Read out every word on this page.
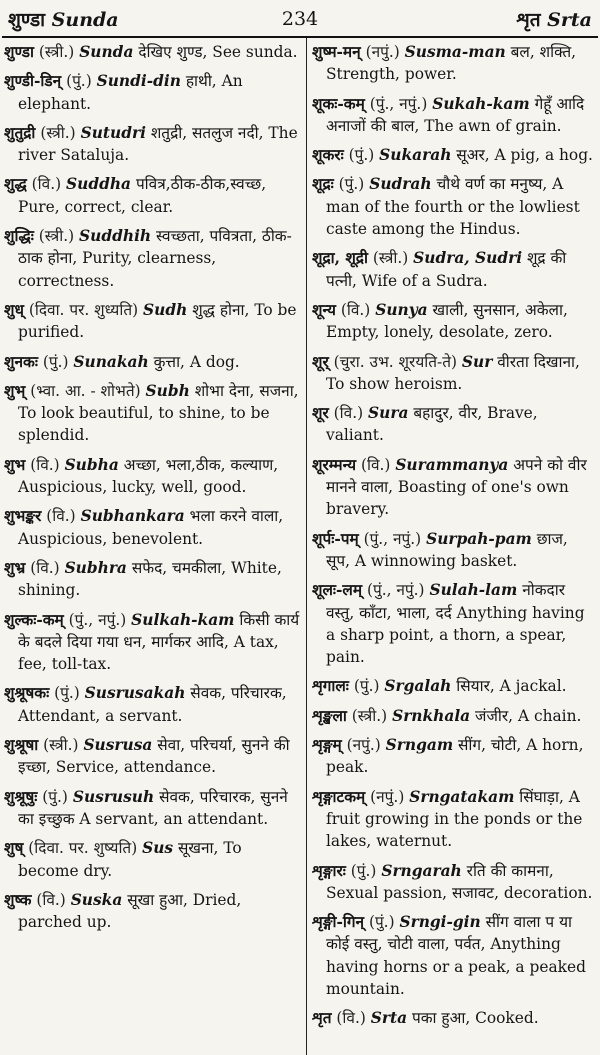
शुण्डा Sunda	234	शृत Srta

शुण्डा (स्त्री.) Sunda देखिए शुण्ड, See sunda.

शुण्डी-डिन् (पुं.) Sundi-din हाथी, An elephant.

शुतुद्री (स्त्री.) Sutudri शतुद्री, सतलुज नदी, The river Sataluja.

शुद्ध (वि.) Suddha पवित्र,ठीक-ठीक,स्वच्छ, Pure, correct, clear.

शुद्धिः (स्त्री.) Suddhih स्वच्छता, पवित्रता, ठीक-ठाक होना, Purity, clearness, correctness.

शुध् (दिवा. पर. शुध्यति) Sudh शुद्ध होना, To be purified.

शुनकः (पुं.) Sunakah कुत्ता, A dog.

शुभ् (भ्वा. आ. - शोभते) Subh शोभा देना, सजना, To look beautiful, to shine, to be splendid.

शुभ (वि.) Subha अच्छा, भला,ठीक, कल्याण, Auspicious, lucky, well, good.

शुभङ्कर (वि.) Subhankara भला करने वाला, Auspicious, benevolent.

शुभ्र (वि.) Subhra सफेद, चमकीला, White, shining.

शुल्कः-कम् (पुं., नपुं.) Sulkah-kam किसी कार्य के बदले दिया गया धन, मार्गकर आदि, A tax, fee, toll-tax.

शुश्रूषकः (पुं.) Susrusakah सेवक, परिचारक, Attendant, a servant.

शुश्रूषा (स्त्री.) Susrusa सेवा, परिचर्या, सुनने की इच्छा, Service, attendance.

शुश्रूषुः (पुं.) Susrusuh सेवक, परिचारक, सुनने का इच्छुक A servant, an attendant.

शुष् (दिवा. पर. शुष्यति) Sus सूखना, To become dry.

शुष्क (वि.) Suska सूखा हुआ, Dried, parched up.

शुष्म-मन् (नपुं.) Susma-man बल, शक्ति, Strength, power.

शूकः-कम् (पुं., नपुं.) Sukah-kam गेहूँ आदि अनाजों की बाल, The awn of grain.

शूकरः (पुं.) Sukarah सूअर, A pig, a hog.

शूद्रः (पुं.) Sudrah चौथे वर्ण का मनुष्य, A man of the fourth or the lowliest caste among the Hindus.

शूद्रा, शूद्री (स्त्री.) Sudra, Sudri शूद्र की पत्नी, Wife of a Sudra.

शून्य (वि.) Sunya खाली, सुनसान, अकेला, Empty, lonely, desolate, zero.

शूर् (चुरा. उभ. शूरयति-ते) Sur वीरता दिखाना, To show heroism.

शूर (वि.) Sura बहादुर, वीर, Brave, valiant.

शूरम्मन्य (वि.) Surammanya अपने को वीर मानने वाला, Boasting of one's own bravery.

शूर्पः-पम् (पुं., नपुं.) Surpah-pam छाज, सूप, A winnowing basket.

शूलः-लम् (पुं., नपुं.) Sulah-lam नोकदार वस्तु, काँटा, भाला, दर्द Anything having a sharp point, a thorn, a spear, pain.

शृगालः (पुं.) Srgalah सियार, A jackal.

शृङ्खला (स्त्री.) Srnkhala जंजीर, A chain.

शृङ्गम् (नपुं.) Srngam सींग, चोटी, A horn, peak.

शृङ्गाटकम् (नपुं.) Srngatakam सिंघाड़ा, A fruit growing in the ponds or the lakes, waternut.

शृङ्गारः (पुं.) Srngarah रति की कामना, Sexual passion, सजावट, decoration.

शृङ्गी-गिन् (पुं.) Srngi-gin सींग वाला प या कोई वस्तु, चोटी वाला, पर्वत, Anything having horns or a peak, a peaked mountain.

शृत (वि.) Srta पका हुआ, Cooked.
